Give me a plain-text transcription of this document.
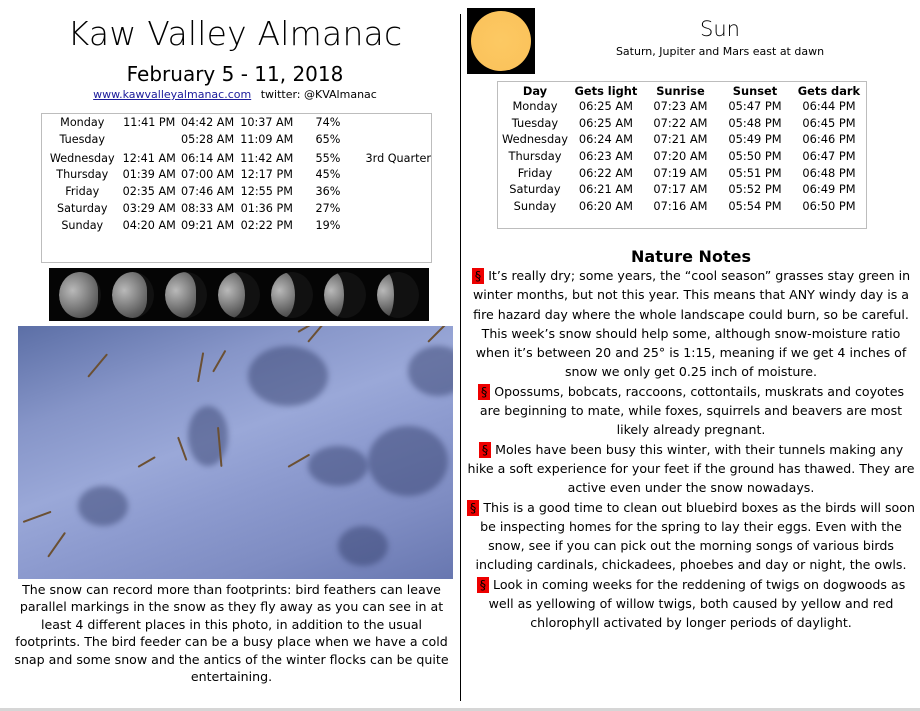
Kaw Valley Almanac
February 5 - 11, 2018
www.kawvalleyalmanac.com twitter: @KVAlmanac
Monday	11:41 PM	04:42 AM	10:37 AM	74%	
Tuesday		05:28 AM	11:09 AM	65%	
Wednesday	12:41 AM	06:14 AM	11:42 AM	55%	3rd Quarter
Thursday	01:39 AM	07:00 AM	12:17 PM	45%	
Friday	02:35 AM	07:46 AM	12:55 PM	36%	
Saturday	03:29 AM	08:33 AM	01:36 PM	27%	
Sunday	04:20 AM	09:21 AM	02:22 PM	19%	
The snow can record more than footprints: bird feathers can leave parallel markings in the snow as they fly away as you can see in at least 4 different places in this photo, in addition to the usual footprints. The bird feeder can be a busy place when we have a cold snap and some snow and the antics of the winter flocks can be quite entertaining.
Sun
Saturn, Jupiter and Mars east at dawn
Day	Gets light	Sunrise	Sunset	Gets dark
Monday	06:25 AM	07:23 AM	05:47 PM	06:44 PM
Tuesday	06:25 AM	07:22 AM	05:48 PM	06:45 PM
Wednesday	06:24 AM	07:21 AM	05:49 PM	06:46 PM
Thursday	06:23 AM	07:20 AM	05:50 PM	06:47 PM
Friday	06:22 AM	07:19 AM	05:51 PM	06:48 PM
Saturday	06:21 AM	07:17 AM	05:52 PM	06:49 PM
Sunday	06:20 AM	07:16 AM	05:54 PM	06:50 PM
Nature Notes

§ It’s really dry; some years, the “cool season” grasses stay green in winter months, but not this year. This means that ANY windy day is a fire hazard day where the whole landscape could burn, so be careful. This week’s snow should help some, although snow-moisture ratio when it’s between 20 and 25° is 1:15, meaning if we get 4 inches of snow we only get 0.25 inch of moisture.

§ Opossums, bobcats, raccoons, cottontails, muskrats and coyotes are beginning to mate, while foxes, squirrels and beavers are most likely already pregnant.

§ Moles have been busy this winter, with their tunnels making any hike a soft experience for your feet if the ground has thawed. They are active even under the snow nowadays.

§ This is a good time to clean out bluebird boxes as the birds will soon be inspecting homes for the spring to lay their eggs. Even with the snow, see if you can pick out the morning songs of various birds including cardinals, chickadees, phoebes and day or night, the owls.

§ Look in coming weeks for the reddening of twigs on dogwoods as well as yellowing of willow twigs, both caused by yellow and red chlorophyll activated by longer periods of daylight.
